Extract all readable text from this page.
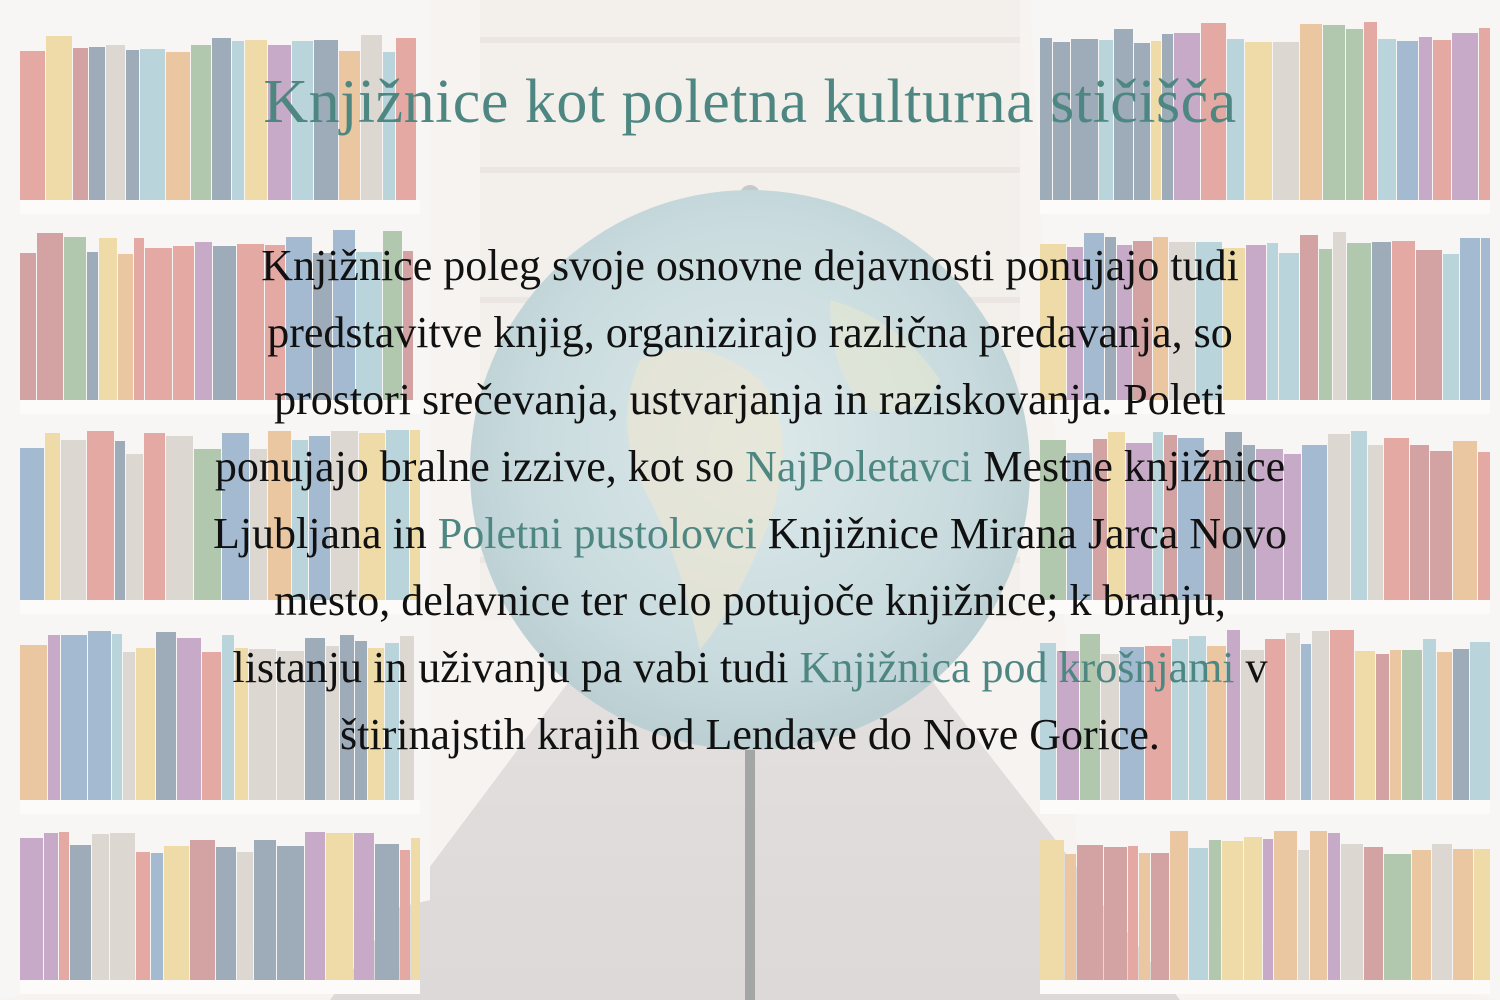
Knjižnice kot poletna kulturna stičišča

Knjižnice poleg svoje osnovne dejavnosti ponujajo tudi
predstavitve knjig, organizirajo različna predavanja, so
prostori srečevanja, ustvarjanja in raziskovanja. Poleti
ponujajo bralne izzive, kot so NajPoletavci Mestne knjižnice
Ljubljana in Poletni pustolovci Knjižnice Mirana Jarca Novo
mesto, delavnice ter celo potujoče knjižnice; k branju,
listanju in uživanju pa vabi tudi Knjižnica pod krošnjami v
štirinajstih krajih od Lendave do Nove Gorice.
